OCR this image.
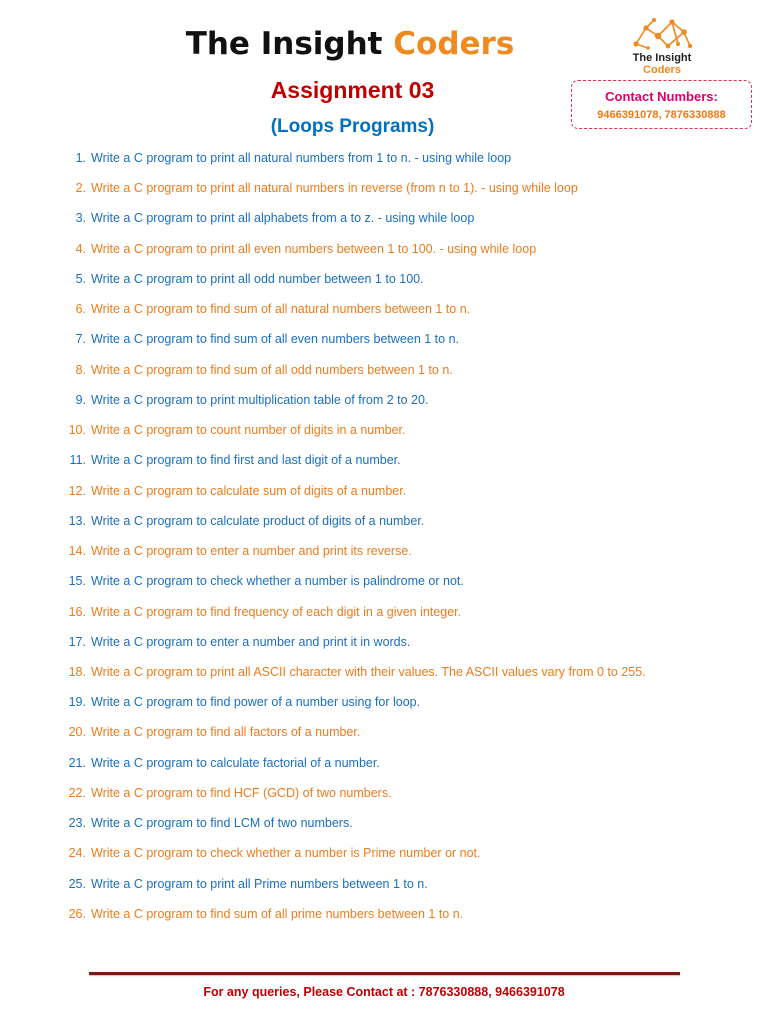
The Insight Coders
Assignment 03
(Loops Programs)
The Insight
Coders
Contact Numbers:
9466391078, 7876330888
1. Write a C program to print all natural numbers from 1 to n. - using while loop
2. Write a C program to print all natural numbers in reverse (from n to 1). - using while loop
3. Write a C program to print all alphabets from a to z. - using while loop
4. Write a C program to print all even numbers between 1 to 100. - using while loop
5. Write a C program to print all odd number between 1 to 100.
6. Write a C program to find sum of all natural numbers between 1 to n.
7. Write a C program to find sum of all even numbers between 1 to n.
8. Write a C program to find sum of all odd numbers between 1 to n.
9. Write a C program to print multiplication table of from 2 to 20.
10. Write a C program to count number of digits in a number.
11. Write a C program to find first and last digit of a number.
12. Write a C program to calculate sum of digits of a number.
13. Write a C program to calculate product of digits of a number.
14. Write a C program to enter a number and print its reverse.
15. Write a C program to check whether a number is palindrome or not.
16. Write a C program to find frequency of each digit in a given integer.
17. Write a C program to enter a number and print it in words.
18. Write a C program to print all ASCII character with their values. The ASCII values vary from 0 to 255.
19. Write a C program to find power of a number using for loop.
20. Write a C program to find all factors of a number.
21. Write a C program to calculate factorial of a number.
22. Write a C program to find HCF (GCD) of two numbers.
23. Write a C program to find LCM of two numbers.
24. Write a C program to check whether a number is Prime number or not.
25. Write a C program to print all Prime numbers between 1 to n.
26. Write a C program to find sum of all prime numbers between 1 to n.
For any queries, Please Contact at : 7876330888, 9466391078
